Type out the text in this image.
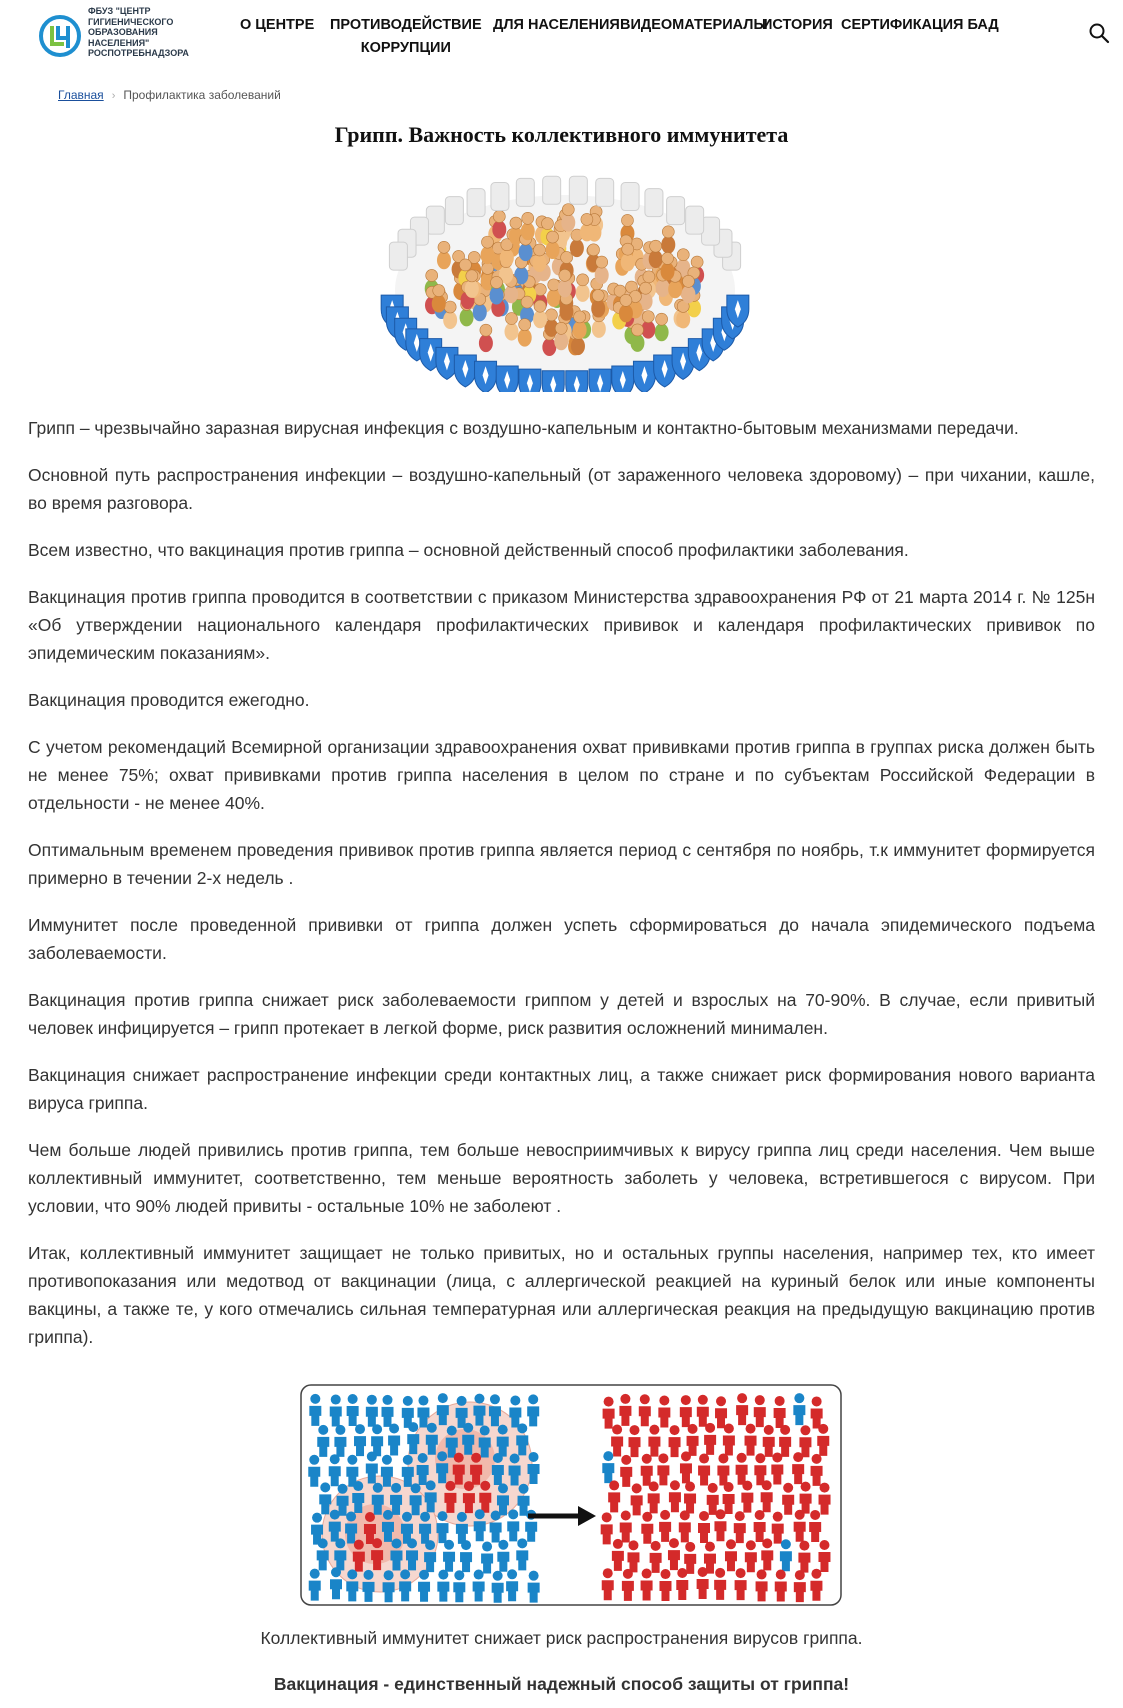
ФБУЗ "ЦЕНТР ГИГИЕНИЧЕСКОГО ОБРАЗОВАНИЯ НАСЕЛЕНИЯ" РОСПОТРЕБНАДЗОРА
О ЦЕНТРЕ ПРОТИВОДЕЙСТВИЕ
КОРРУПЦИИ
ДЛЯ НАСЕЛЕНИЯ ВИДЕОМАТЕРИАЛЫ
ИСТОРИЯ СЕРТИФИКАЦИЯ БАД
Главная › Профилактика заболеваний
Грипп. Важность коллективного иммунитета

Грипп – чрезвычайно заразная вирусная инфекция с воздушно-капельным и контактно-бытовым механизмами передачи.

Основной путь распространения инфекции – воздушно-капельный (от зараженного человека здоровому) – при чихании, кашле, во время разговора.

Всем известно, что вакцинация против гриппа – основной действенный способ профилактики заболевания.

Вакцинация против гриппа проводится в соответствии с приказом Министерства здравоохранения РФ от 21 марта 2014 г. № 125н «Об утверждении национального календаря профилактических прививок и календаря профилактических прививок по эпидемическим показаниям».

Вакцинация проводится ежегодно.

С учетом рекомендаций Всемирной организации здравоохранения охват прививками против гриппа в группах риска должен быть не менее 75%; охват прививками против гриппа населения в целом по стране и по субъектам Российской Федерации в отдельности - не менее 40%.

Оптимальным временем проведения прививок против гриппа является период с сентября по ноябрь, т.к иммунитет формируется примерно в течении 2-х недель .

Иммунитет после проведенной прививки от гриппа должен успеть сформироваться до начала эпидемического подъема заболеваемости.

Вакцинация против гриппа снижает риск заболеваемости гриппом у детей и взрослых на 70-90%. В случае, если привитый человек инфицируется – грипп протекает в легкой форме, риск развития осложнений минимален.

Вакцинация снижает распространение инфекции среди контактных лиц, а также снижает риск формирования нового варианта вируса гриппа.

Чем больше людей привились против гриппа, тем больше невосприимчивых к вирусу гриппа лиц среди населения. Чем выше коллективный иммунитет, соответственно, тем меньше вероятность заболеть у человека, встретившегося с вирусом. При условии, что 90% людей привиты - остальные 10% не заболеют .

Итак, коллективный иммунитет защищает не только привитых, но и остальных группы населения, например тех, кто имеет противопоказания или медотвод от вакцинации (лица, с аллергической реакцией на куриный белок или иные компоненты вакцины, а также те, у кого отмечались сильная температурная или аллергическая реакция на предыдущую вакцинацию против гриппа).

Коллективный иммунитет снижает риск распространения вирусов гриппа.
Вакцинация - единственный надежный способ защиты от гриппа!
